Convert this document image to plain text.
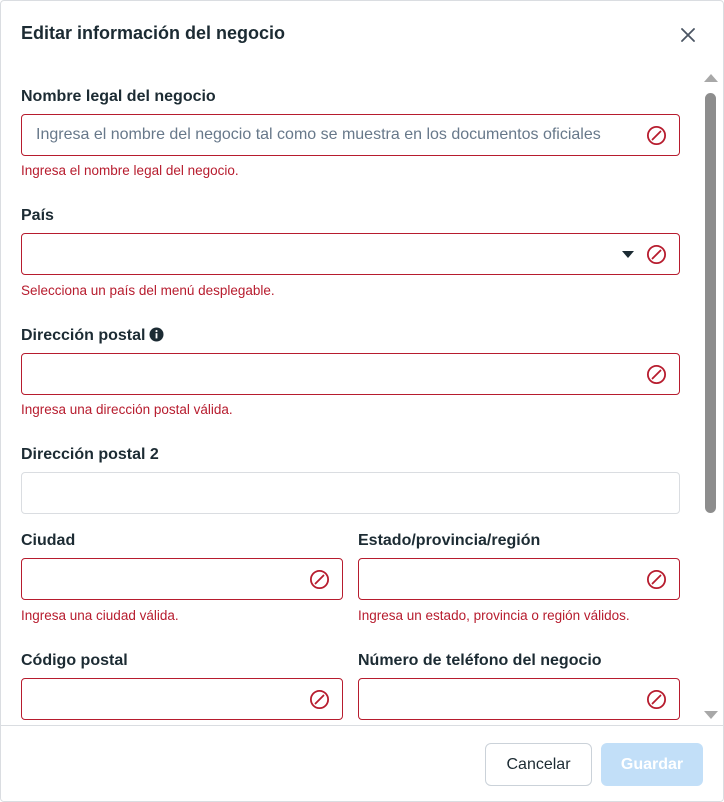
Editar información del negocio
Nombre legal del negocio
Ingresa el nombre del negocio tal como se muestra en los documentos oficiales
Ingresa el nombre legal del negocio.
País
Selecciona un país del menú desplegable.
Dirección postal
Ingresa una dirección postal válida.
Dirección postal 2
Ciudad
Ingresa una ciudad válida.
Estado/provincia/región
Ingresa un estado, provincia o región válidos.
Código postal	Número de teléfono del negocio
Cancelar	Guardar
